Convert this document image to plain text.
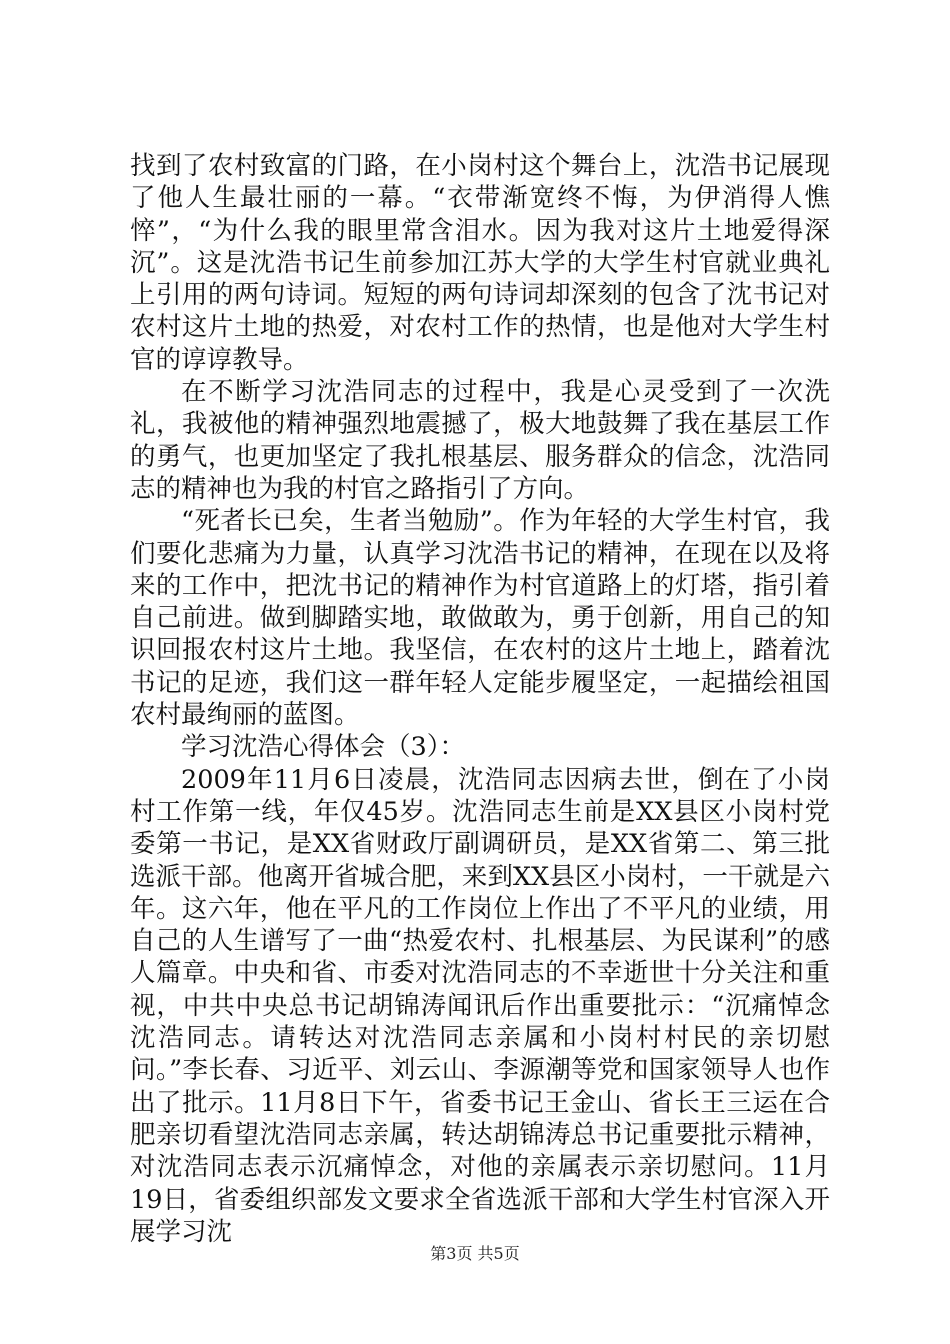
找到了农村致富的门路，在小岗村这个舞台上，沈浩书记展现了他人生最壮丽的一幕。“衣带渐宽终不悔，为伊消得人憔悴”，“为什么我的眼里常含泪水。因为我对这片土地爱得深沉”。这是沈浩书记生前参加江苏大学的大学生村官就业典礼上引用的两句诗词。短短的两句诗词却深刻的包含了沈书记对农村这片土地的热爱，对农村工作的热情，也是他对大学生村官的谆谆教导。

在不断学习沈浩同志的过程中，我是心灵受到了一次洗礼，我被他的精神强烈地震撼了，极大地鼓舞了我在基层工作的勇气，也更加坚定了我扎根基层、服务群众的信念，沈浩同志的精神也为我的村官之路指引了方向。

“死者长已矣，生者当勉励”。作为年轻的大学生村官，我们要化悲痛为力量，认真学习沈浩书记的精神，在现在以及将来的工作中，把沈书记的精神作为村官道路上的灯塔，指引着自己前进。做到脚踏实地，敢做敢为，勇于创新，用自己的知识回报农村这片土地。我坚信，在农村的这片土地上，踏着沈书记的足迹，我们这一群年轻人定能步履坚定，一起描绘祖国农村最绚丽的蓝图。

学习沈浩心得体会（3）：

2009年11月6日凌晨，沈浩同志因病去世，倒在了小岗村工作第一线，年仅45岁。沈浩同志生前是XX县区小岗村党委第一书记，是XX省财政厅副调研员，是XX省第二、第三批选派干部。他离开省城合肥，来到XX县区小岗村，一干就是六年。这六年，他在平凡的工作岗位上作出了不平凡的业绩，用自己的人生谱写了一曲“热爱农村、扎根基层、为民谋利”的感人篇章。中央和省、市委对沈浩同志的不幸逝世十分关注和重视，中共中央总书记胡锦涛闻讯后作出重要批示：“沉痛悼念沈浩同志。请转达对沈浩同志亲属和小岗村村民的亲切慰问。”李长春、习近平、刘云山、李源潮等党和国家领导人也作出了批示。11月8日下午，省委书记王金山、省长王三运在合肥亲切看望沈浩同志亲属，转达胡锦涛总书记重要批示精神，对沈浩同志表示沉痛悼念，对他的亲属表示亲切慰问。11月19日，省委组织部发文要求全省选派干部和大学生村官深入开展学习沈

第3页 共5页
